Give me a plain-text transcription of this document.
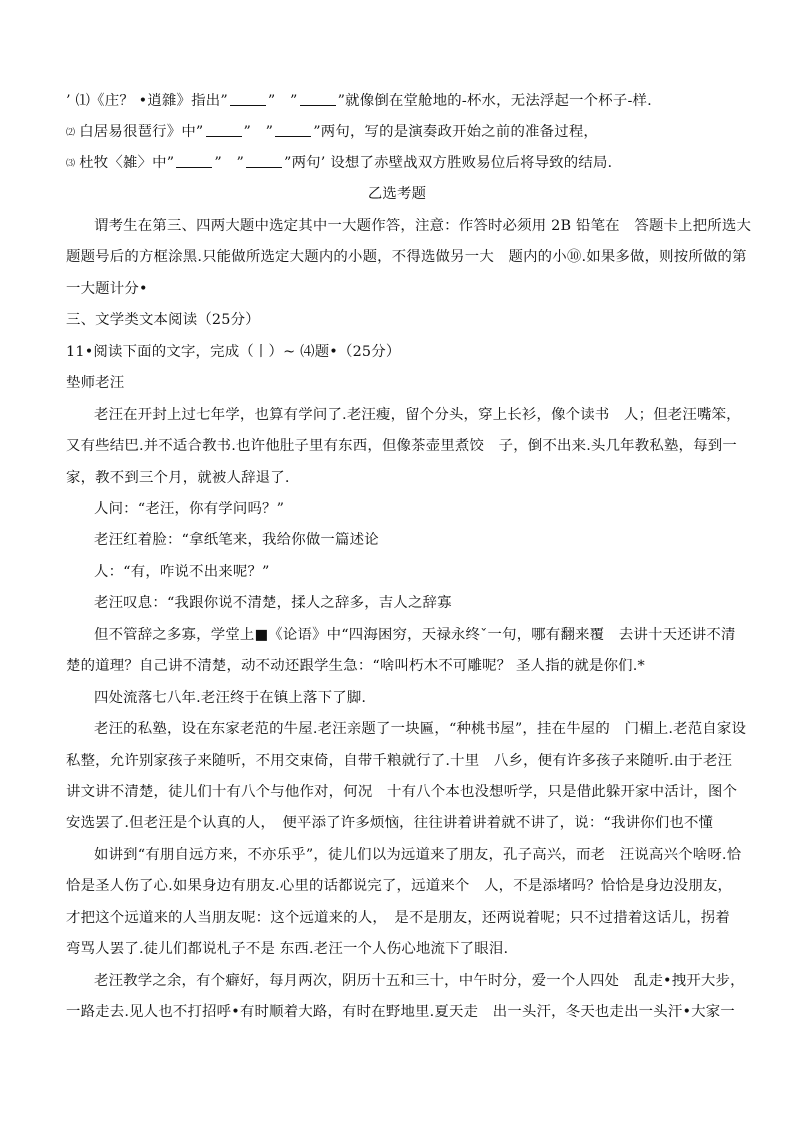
’ ⑴《庄？ •逍雜》指出”	”　”	”就像倒在堂舱地的-杯水，无法浮起一个杯子-样.
⑵ 白居易很琶行》中”	”　”	”两句，写的是演奏政开始之前的准备过程，
⑶ 杜牧〈雑〉中”	”　”	”两句’ 设想了赤壁战双方胜败易位后将导致的结局.
乙选考题
谓考生在第三、四两大题中选定其中一大题作答，注意：作答时必须用 2B 铅笔在　答题卡上把所选大
题题号后的方框涂黑.只能做所选定大题内的小题，不得选做另一大　题内的小⑩.如果多做，则按所做的第
一大题计分•
三、文学类文本阅读（25分）
11•阅读下面的文字，完成（丨）~ ⑷题•（25分）
垫师老汪
老汪在开封上过七年学，也算有学问了.老汪瘦，留个分头，穿上长衫，像个读书　人；但老汪嘴笨，
又有些结巴.并不适合教书.也许他肚子里有东西，但像茶壶里煮饺　子，倒不出来.头几年教私塾，每到一
家，教不到三个月，就被人辞退了.
人问：“老汪，你有学问吗？”
老汪红着脸：“拿纸笔来，我给你做一篇述论
人：“有，咋说不出来呢？”
老汪叹息：“我跟你说不清楚，揉人之辞多，吉人之辞寡
但不管辞之多寡，学堂上■《论语》中“四海困穷，天禄永终ˇ一句，哪有翻来覆　去讲十天还讲不清
楚的道理？自己讲不清楚，动不动还跟学生急：“啥叫朽木不可雕呢？ 圣人指的就是你们.*
四处流落七八年.老汪终于在镇上落下了脚.
老汪的私塾，设在东家老范的牛屋.老汪亲题了一块匾，“种桃书屋”，挂在牛屋的　门楣上.老范自家设
私整，允许别家孩子来随听，不用交束倚，自带千粮就行了.十里　八乡，便有许多孩子来随听.由于老汪
讲文讲不清楚，徒儿们十有八个与他作对，何况　十有八个本也没想听学，只是借此躲开家中活计，图个
安选罢了.但老汪是个认真的人，　便平添了许多烦恼，往往讲着讲着就不讲了，说：“我讲你们也不懂
如讲到“有朋自远方来，不亦乐乎”，徒儿们以为远道来了朋友，孔子高兴，而老　汪说高兴个啥呀.恰
恰是圣人伤了心.如果身边有朋友.心里的话都说完了，远道来个　人，不是添堵吗？恰恰是身边没朋友，
才把这个远道来的人当朋友呢：这个远道来的人，　是不是朋友，还两说着呢；只不过措着这话儿，拐着
弯骂人罢了.徒儿们都说札子不是 东西.老汪一个人伤心地流下了眼泪.
老汪教学之余，有个癖好，每月两次，阴历十五和三十，中午时分，爱一个人四处　乱走•拽开大步，
一路走去.见人也不打招呼•有时顺着大路，有时在野地里.夏天走　出一头汗，冬天也走出一头汗•大家一
